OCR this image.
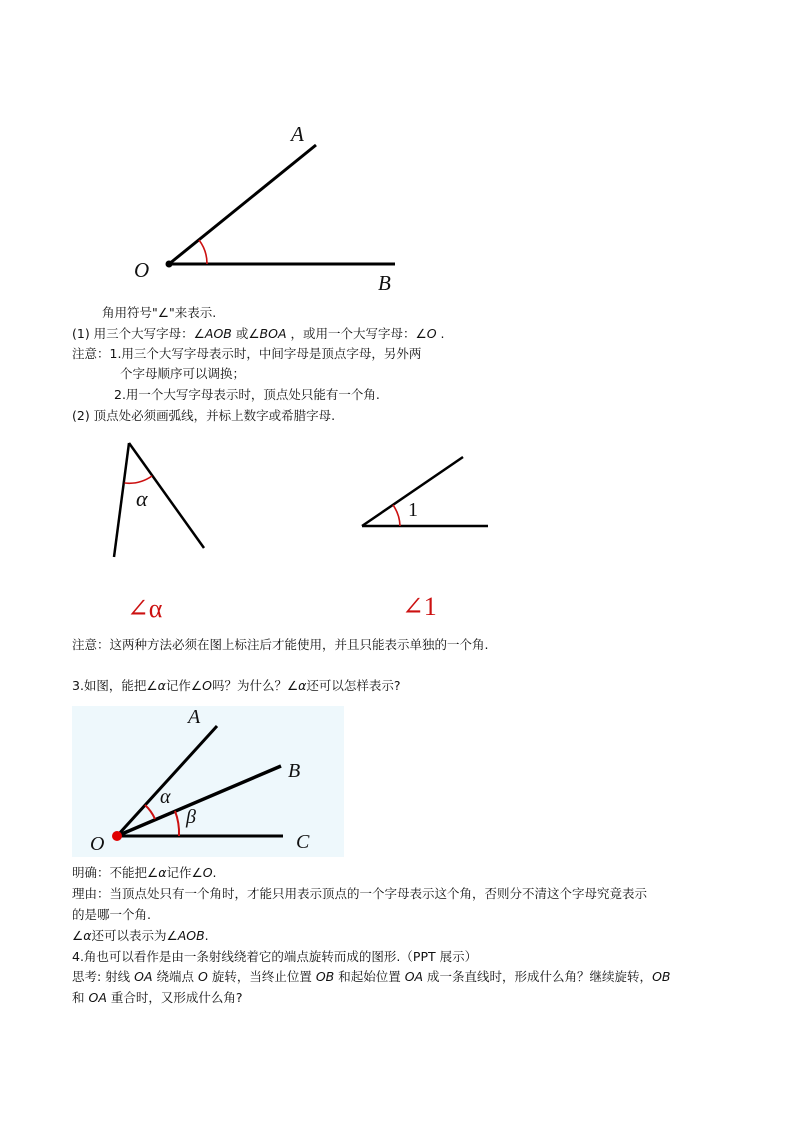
A
O
B
角用符号"∠"来表示.
(1) 用三个大写字母：∠AOB 或∠BOA ，或用一个大写字母：∠O .
注意：1.用三个大写字母表示时，中间字母是顶点字母，另外两
个字母顺序可以调换；
2.用一个大写字母表示时，顶点处只能有一个角.
(2) 顶点处必须画弧线，并标上数字或希腊字母.
α	1
∠α	∠1
注意：这两种方法必须在图上标注后才能使用，并且只能表示单独的一个角.
3.如图，能把∠α记作∠O吗？为什么？∠α还可以怎样表示?
A
B
C
O
α
β
明确：不能把∠α记作∠O.
理由：当顶点处只有一个角时，才能只用表示顶点的一个字母表示这个角，否则分不清这个字母究竟表示
的是哪一个角.
∠α还可以表示为∠AOB.
4.角也可以看作是由一条射线绕着它的端点旋转而成的图形.（PPT 展示）
思考: 射线 OA 绕端点 O 旋转，当终止位置 OB 和起始位置 OA 成一条直线时，形成什么角？继续旋转，OB
和 OA 重合时，又形成什么角?
